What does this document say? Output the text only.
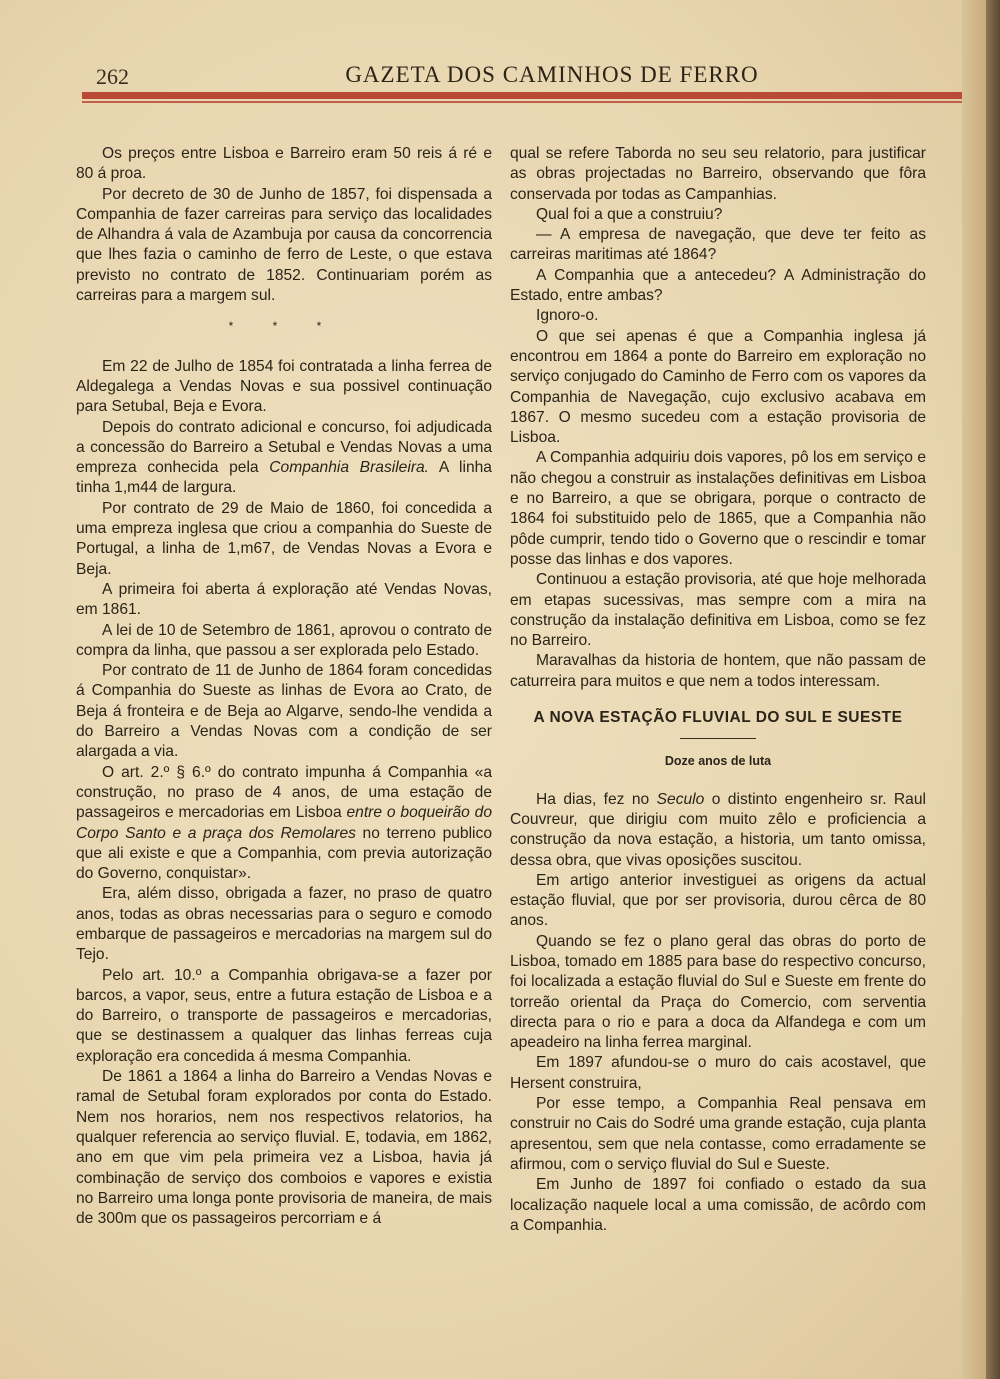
262	GAZETA DOS CAMINHOS DE FERRO

Os preços entre Lisboa e Barreiro eram 50 reis á ré e 80 á proa.

Por decreto de 30 de Junho de 1857, foi dispensada a Companhia de fazer carreiras para serviço das localidades de Alhandra á vala de Azambuja por causa da concorrencia que lhes fazia o caminho de ferro de Leste, o que estava previsto no contrato de 1852. Continuariam porém as carreiras para a margem sul.

* * *

Em 22 de Julho de 1854 foi contratada a linha ferrea de Aldegalega a Vendas Novas e sua possivel continuação para Setubal, Beja e Evora.

Depois do contrato adicional e concurso, foi adjudicada a concessão do Barreiro a Setubal e Vendas Novas a uma empreza conhecida pela Companhia Brasileira. A linha tinha 1,m44 de largura.

Por contrato de 29 de Maio de 1860, foi concedida a uma empreza inglesa que criou a companhia do Sueste de Portugal, a linha de 1,m67, de Vendas Novas a Evora e Beja.

A primeira foi aberta á exploração até Vendas Novas, em 1861.

A lei de 10 de Setembro de 1861, aprovou o contrato de compra da linha, que passou a ser explorada pelo Estado.

Por contrato de 11 de Junho de 1864 foram concedidas á Companhia do Sueste as linhas de Evora ao Crato, de Beja á fronteira e de Beja ao Algarve, sendo-lhe vendida a do Barreiro a Vendas Novas com a condição de ser alargada a via.

O art. 2.º § 6.º do contrato impunha á Companhia «a construção, no praso de 4 anos, de uma estação de passageiros e mercadorias em Lisboa entre o boqueirão do Corpo Santo e a praça dos Remolares no terreno publico que ali existe e que a Companhia, com previa autorização do Governo, conquistar».

Era, além disso, obrigada a fazer, no praso de quatro anos, todas as obras necessarias para o seguro e comodo embarque de passageiros e mercadorias na margem sul do Tejo.

Pelo art. 10.º a Companhia obrigava-se a fazer por barcos, a vapor, seus, entre a futura estação de Lisboa e a do Barreiro, o transporte de passageiros e mercadorias, que se destinassem a qualquer das linhas ferreas cuja exploração era concedida á mesma Companhia.

De 1861 a 1864 a linha do Barreiro a Vendas Novas e ramal de Setubal foram explorados por conta do Estado. Nem nos horarios, nem nos respectivos relatorios, ha qualquer referencia ao serviço fluvial. E, todavia, em 1862, ano em que vim pela primeira vez a Lisboa, havia já combinação de serviço dos comboios e vapores e existia no Barreiro uma longa ponte provisoria de maneira, de mais de 300m que os passageiros percorriam e á

qual se refere Taborda no seu seu relatorio, para justificar as obras projectadas no Barreiro, observando que fôra conservada por todas as Campanhias.

Qual foi a que a construiu?

— A empresa de navegação, que deve ter feito as carreiras maritimas até 1864?

A Companhia que a antecedeu? A Administração do Estado, entre ambas?

Ignoro-o.

O que sei apenas é que a Companhia inglesa já encontrou em 1864 a ponte do Barreiro em exploração no serviço conjugado do Caminho de Ferro com os vapores da Companhia de Navegação, cujo exclusivo acabava em 1867. O mesmo sucedeu com a estação provisoria de Lisboa.

A Companhia adquiriu dois vapores, pô los em serviço e não chegou a construir as instalações definitivas em Lisboa e no Barreiro, a que se obrigara, porque o contracto de 1864 foi substituido pelo de 1865, que a Companhia não pôde cumprir, tendo tido o Governo que o rescindir e tomar posse das linhas e dos vapores.

Continuou a estação provisoria, até que hoje melhorada em etapas sucessivas, mas sempre com a mira na construção da instalação definitiva em Lisboa, como se fez no Barreiro.

Maravalhas da historia de hontem, que não passam de caturreira para muitos e que nem a todos interessam.

A NOVA ESTAÇÃO FLUVIAL DO SUL E SUESTE
Doze anos de luta

Ha dias, fez no Seculo o distinto engenheiro sr. Raul Couvreur, que dirigiu com muito zêlo e proficiencia a construção da nova estação, a historia, um tanto omissa, dessa obra, que vivas oposições suscitou.

Em artigo anterior investiguei as origens da actual estação fluvial, que por ser provisoria, durou cêrca de 80 anos.

Quando se fez o plano geral das obras do porto de Lisboa, tomado em 1885 para base do respectivo concurso, foi localizada a estação fluvial do Sul e Sueste em frente do torreão oriental da Praça do Comercio, com serventia directa para o rio e para a doca da Alfandega e com um apeadeiro na linha ferrea marginal.

Em 1897 afundou-se o muro do cais acostavel, que Hersent construira,

Por esse tempo, a Companhia Real pensava em construir no Cais do Sodré uma grande estação, cuja planta apresentou, sem que nela contasse, como erradamente se afirmou, com o serviço fluvial do Sul e Sueste.

Em Junho de 1897 foi confiado o estado da sua localização naquele local a uma comissão, de acôrdo com a Companhia.
